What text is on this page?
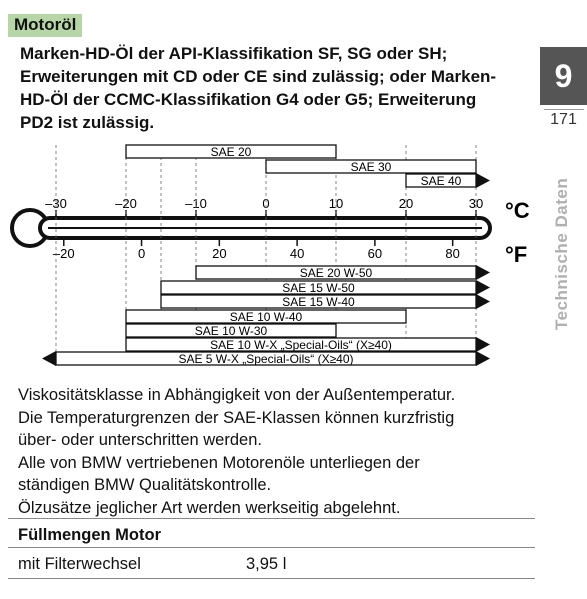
Motoröl
Marken-HD-Öl der API-Klassifikation SF, SG oder SH;
Erweiterungen mit CD oder CE sind zulässig; oder Marken-
HD-Öl der CCMC-Klassifikation G4 oder G5; Erweiterung
PD2 ist zulässig.
9
171
Technische Daten
–30	–20	–10	0	10	20	30
–20	0	20	40	60	80
SAE 20
SAE 30
SAE 40
SAE 20 W-50
SAE 15 W-50
SAE 15 W-40
SAE 10 W-40
SAE 10 W-30
SAE 10 W-X „Special-Oils“ (X≥40)
SAE 5 W-X „Special-Oils“ (X≥40)
°C
°F
Viskositätsklasse in Abhängigkeit von der Außentemperatur.
Die Temperaturgrenzen der SAE-Klassen können kurzfristig
über- oder unterschritten werden.
Alle von BMW vertriebenen Motorenöle unterliegen der
ständigen BMW Qualitätskontrolle.
Ölzusätze jeglicher Art werden werkseitig abgelehnt.
Füllmengen Motor
mit Filterwechsel	3,95 l
